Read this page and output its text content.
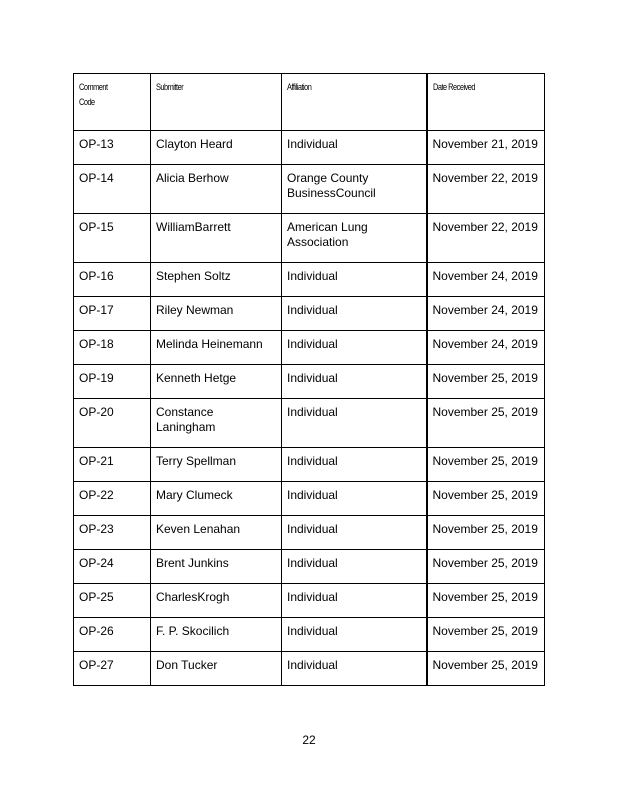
Comment
Code	Submitter	Affiliation	Date Received
OP-13	Clayton Heard	Individual	November 21, 2019
OP-14	Alicia Berhow	Orange County BusinessCouncil	November 22, 2019
OP-15	WilliamBarrett	American Lung Association	November 22, 2019
OP-16	Stephen Soltz	Individual	November 24, 2019
OP-17	Riley Newman	Individual	November 24, 2019
OP-18	Melinda Heinemann	Individual	November 24, 2019
OP-19	Kenneth Hetge	Individual	November 25, 2019
OP-20	Constance Laningham	Individual	November 25, 2019
OP-21	Terry Spellman	Individual	November 25, 2019
OP-22	Mary Clumeck	Individual	November 25, 2019
OP-23	Keven Lenahan	Individual	November 25, 2019
OP-24	Brent Junkins	Individual	November 25, 2019
OP-25	CharlesKrogh	Individual	November 25, 2019
OP-26	F. P. Skocilich	Individual	November 25, 2019
OP-27	Don Tucker	Individual	November 25, 2019
22
